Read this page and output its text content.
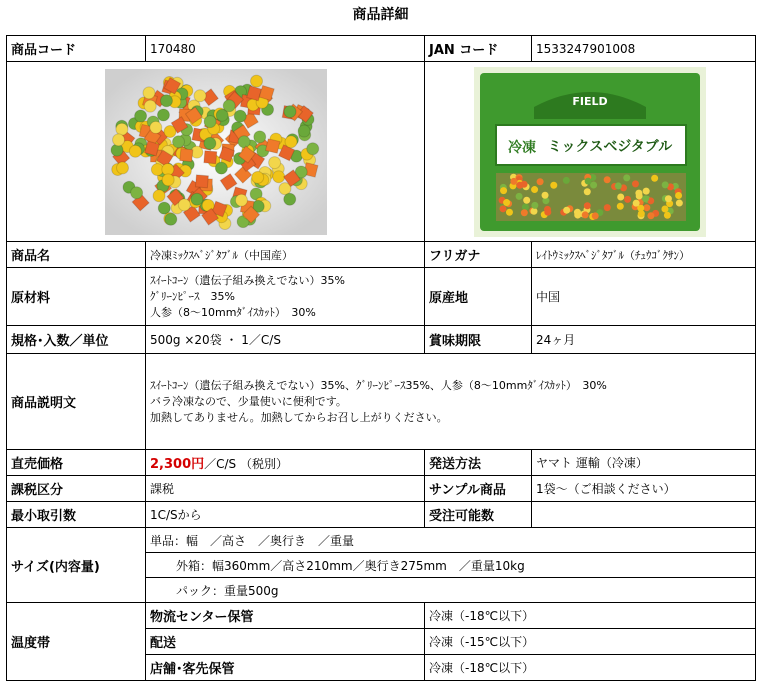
商品詳細
商品コード	170480	JAN コード	1533247901008

FIELD
冷凍 ミックスベジタブル	

商品名	冷凍ﾐｯｸｽﾍﾞｼﾞﾀﾌﾞﾙ（中国産）	フリガナ	ﾚｲﾄｳﾐｯｸｽﾍﾞｼﾞﾀﾌﾞﾙ（ﾁｭｳｺﾞｸｻﾝ）
原材料	ｽｲｰﾄｺｰﾝ（遺伝子組み換えでない）35%
ｸﾞﾘｰﾝﾋﾟｰｽ　35%
人参（8～10mmﾀﾞｲｽｶｯﾄ）　30%	原産地	中国
規格･入数／単位	500g ×20袋 ・ 1／C/S	賞味期限	24ヶ月
商品説明文	ｽｲｰﾄｺｰﾝ（遺伝子組み換えでない）35%、ｸﾞﾘｰﾝﾋﾟｰｽ35%、人参（8～10mmﾀﾞｲｽｶｯﾄ）　30%
バラ冷凍なので、少量使いに便利です。
加熱してありません。加熱してからお召し上がりください。		

直売価格	2,300円／C/S （税別）	発送方法	ヤマト 運輸（冷凍）
課税区分	課税	サンプル商品	1袋～（ご相談ください）
最小取引数	1C/Sから	受注可能数	
サイズ(内容量)	単品：幅　／高さ　／奥行き　／重量		
	外箱：幅360mm／高さ210mm／奥行き275mm　／重量10kg		
	パック：重量500g		
温度帯	物流センター保管	冷凍（-18℃以下）	
	配送	冷凍（-15℃以下）	
	店舗･客先保管	冷凍（-18℃以下）	
